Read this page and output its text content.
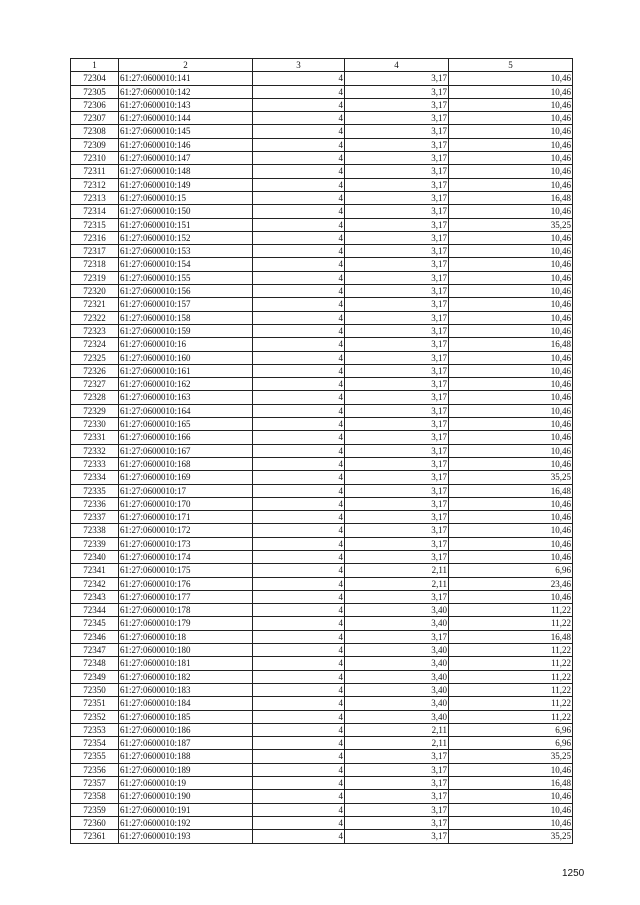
1	2	3	4	5
72304	61:27:0600010:141	4	3,17	10,46
72305	61:27:0600010:142	4	3,17	10,46
72306	61:27:0600010:143	4	3,17	10,46
72307	61:27:0600010:144	4	3,17	10,46
72308	61:27:0600010:145	4	3,17	10,46
72309	61:27:0600010:146	4	3,17	10,46
72310	61:27:0600010:147	4	3,17	10,46
72311	61:27:0600010:148	4	3,17	10,46
72312	61:27:0600010:149	4	3,17	10,46
72313	61:27:0600010:15	4	3,17	16,48
72314	61:27:0600010:150	4	3,17	10,46
72315	61:27:0600010:151	4	3,17	35,25
72316	61:27:0600010:152	4	3,17	10,46
72317	61:27:0600010:153	4	3,17	10,46
72318	61:27:0600010:154	4	3,17	10,46
72319	61:27:0600010:155	4	3,17	10,46
72320	61:27:0600010:156	4	3,17	10,46
72321	61:27:0600010:157	4	3,17	10,46
72322	61:27:0600010:158	4	3,17	10,46
72323	61:27:0600010:159	4	3,17	10,46
72324	61:27:0600010:16	4	3,17	16,48
72325	61:27:0600010:160	4	3,17	10,46
72326	61:27:0600010:161	4	3,17	10,46
72327	61:27:0600010:162	4	3,17	10,46
72328	61:27:0600010:163	4	3,17	10,46
72329	61:27:0600010:164	4	3,17	10,46
72330	61:27:0600010:165	4	3,17	10,46
72331	61:27:0600010:166	4	3,17	10,46
72332	61:27:0600010:167	4	3,17	10,46
72333	61:27:0600010:168	4	3,17	10,46
72334	61:27:0600010:169	4	3,17	35,25
72335	61:27:0600010:17	4	3,17	16,48
72336	61:27:0600010:170	4	3,17	10,46
72337	61:27:0600010:171	4	3,17	10,46
72338	61:27:0600010:172	4	3,17	10,46
72339	61:27:0600010:173	4	3,17	10,46
72340	61:27:0600010:174	4	3,17	10,46
72341	61:27:0600010:175	4	2,11	6,96
72342	61:27:0600010:176	4	2,11	23,46
72343	61:27:0600010:177	4	3,17	10,46
72344	61:27:0600010:178	4	3,40	11,22
72345	61:27:0600010:179	4	3,40	11,22
72346	61:27:0600010:18	4	3,17	16,48
72347	61:27:0600010:180	4	3,40	11,22
72348	61:27:0600010:181	4	3,40	11,22
72349	61:27:0600010:182	4	3,40	11,22
72350	61:27:0600010:183	4	3,40	11,22
72351	61:27:0600010:184	4	3,40	11,22
72352	61:27:0600010:185	4	3,40	11,22
72353	61:27:0600010:186	4	2,11	6,96
72354	61:27:0600010:187	4	2,11	6,96
72355	61:27:0600010:188	4	3,17	35,25
72356	61:27:0600010:189	4	3,17	10,46
72357	61:27:0600010:19	4	3,17	16,48
72358	61:27:0600010:190	4	3,17	10,46
72359	61:27:0600010:191	4	3,17	10,46
72360	61:27:0600010:192	4	3,17	10,46
72361	61:27:0600010:193	4	3,17	35,25
1250
